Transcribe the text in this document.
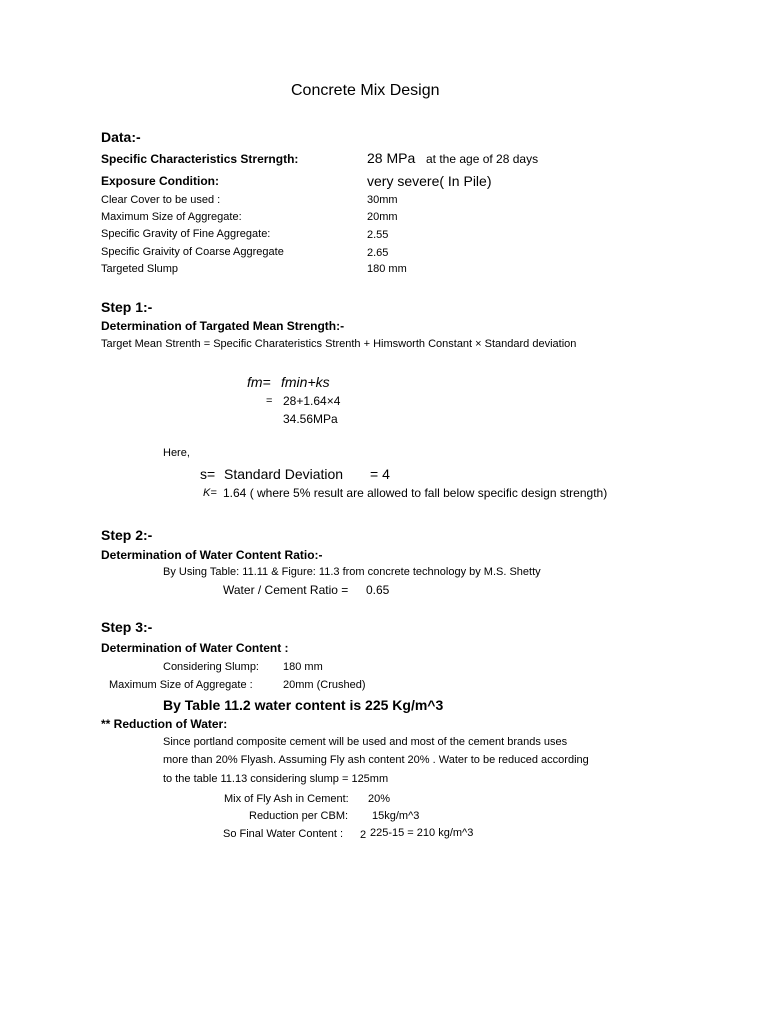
Concrete Mix Design
Data:-
Specific Characteristics Strerngth:	28 MPa at the age of 28 days
Exposure Condition:	very severe( In Pile)
Clear Cover to be used :	30mm
Maximum Size of Aggregate:	20mm
Specific Gravity of Fine Aggregate:	2.55
Specific Graivity of Coarse Aggregate	2.65
Targeted Slump	180 mm
Step 1:-
Determination of Targated Mean Strength:-
Target Mean Strenth = Specific Charateristics Strenth + Himsworth Constant × Standard deviation
fm= fmin+ks
= 28+1.64×4
34.56MPa
Here,
s= Standard Deviation = 4
K= 1.64 ( where 5% result are allowed to fall below specific design strength)
Step 2:-
Determination of Water Content Ratio:-
By Using Table: 11.11 & Figure: 11.3 from concrete technology by M.S. Shetty
Water / Cement Ratio = 0.65
Step 3:-
Determination of Water Content :
Considering Slump: 180 mm
Maximum Size of Aggregate :	20mm (Crushed)
By Table 11.2 water content is 225 Kg/m^3
** Reduction of Water:
Since portland composite cement will be used and most of the cement brands uses
more than 20% Flyash. Assuming Fly ash content 20% . Water to be reduced according
to the table 11.13 considering slump = 125mm
Mix of Fly Ash in Cement: 20%
Reduction per CBM: 15kg/m^3
So Final Water Content : 2 225-15 = 210 kg/m^3
